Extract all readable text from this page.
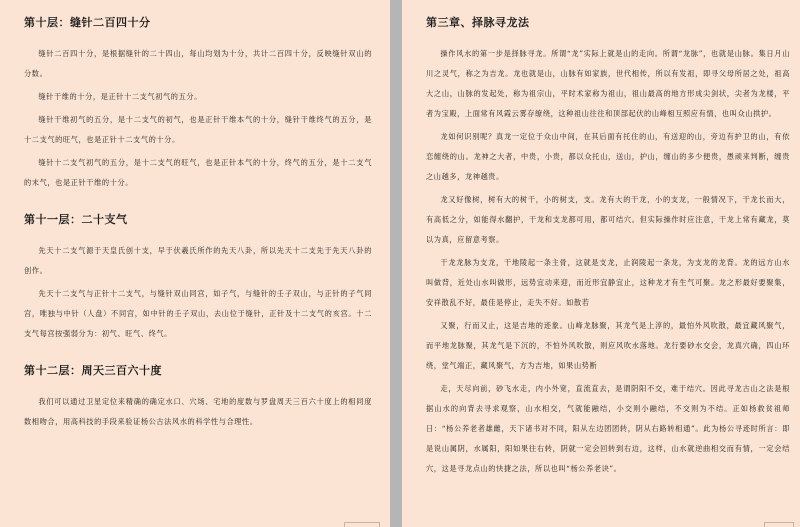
第十层：缝针二百四十分

缝针二百四十分，是根据缝针的二十四山，每山均划为十分，共计二百四十分，反映缝针双山的分数。

缝针干维的十分，是正针十二支气初气的五分。

缝针干维初气的五分，是十二支气的初气，也是正针干维本气的十分，缝针干维终气的五分，是十二支气的旺气，也是正针十二支气的十分。

缝针十二支气初气的五分，是十二支气的旺气，也是正针本气的十分，终气的五分，是十二支气的末气，也是正针干维的十分。

第十一层：二十支气

先天十二支气源于天皇氏创十支，早于伏羲氏所作的先天八卦，所以先天十二支先于先天八卦的创作。

先天十二支气与正针十二支气，与缝针双山同宫，如子气，与缝针的壬子双山，与正针的子气同宫，唯独与中针（人盘）不同宫，如中针的壬子双山，去山位于缝针，正针及十二支气的亥宫。十二支气每宫按强弱分为：初气、旺气、终气。

第十二层：周天三百六十度

我们可以通过卫星定位来精确的确定水口、穴场、宅地的度数与罗盘周天三百六十度上的相同度数相吻合，用高科技的手段来验证杨公古法风水的科学性与合理性。

第三章、择脉寻龙法

操作风水的第一步是择脉寻龙。所谓“龙”实际上就是山的走向。所谓“龙脉”，也就是山脉。集日月山川之灵气，称之为吉龙。龙也就是山，山脉有如家族，世代相传，所以有发祖，即寻父母所居之处，祖高大之山，山脉的发起处，称为祖宗山，平时术家称为祖山，祖山最高的地方形成尖剑状，尖者为龙楼，平者为宝殿，上面常有风霞云雾存缭绕，这种祖山往往和顶部起伏的山峰相互照应有情，也叫众山拱护。

龙如何识别呢？真龙一定位于众山中间，在其后面有托住的山，有送迎的山，旁边有护卫的山，有依恋缠绕的山。龙神之大者，中贵，小贵，都以众托山，送山，护山，缠山的多少便贵，愚顽来判断，缠贵之山越多，龙神越贵。

龙又好像树，树有大的树干，小的树支，支。龙有大的干龙，小的支龙，一般情况下，干龙长而大，有高低之分，如能得水翻护，干龙和支龙都可用，都可结穴。但实际操作时应注意，干龙上常有藏龙，莫以为真，应留意考察。

干龙龙脉为支龙，干地陵起一条主骨，这就是支龙，止润陵起一条龙，为支龙的龙背。龙的远方山水叫做背，近处山水叫做形，远势宜动来迎，而近形宜静宜止，这种龙才有生气可聚。龙之形最好要聚集，安祥散乱不好，最佳是停止，走失不好。如散若

又聚，行而又止，这是吉地的迹象。山峰龙脉聚，其龙气是上淳的，最怕外风吹散，最宜藏风聚气，而平地龙脉聚，其龙气是下沉的，不怕外风吹散，则应风吹水落地。龙行要砂水交会，龙真穴确，四山环绕，堂气端正，藏风聚气，方为吉地，如果山势断

走，天尽向前，砂飞水走，内小外宽，直流直去，是谓阴阳不交，难于结穴。因此寻龙古山之法是根据山水的向背去寻求观察，山水相交，气就能融结，小交则小融结，不交则为不结。正如杨救贫祖师日：“杨公养老者雄雌，天下诸书对不同，阳从左边团团转，阴从右路转相通”。此为杨公寻迹时所言：即是说山属阴，水属阳，阳如果往右转，阴就一定会回转到右边，这样，山水就逆曲相交而有情，一定会结穴，这是寻龙点山的快捷之法，所以也叫“杨公养老诀”。
